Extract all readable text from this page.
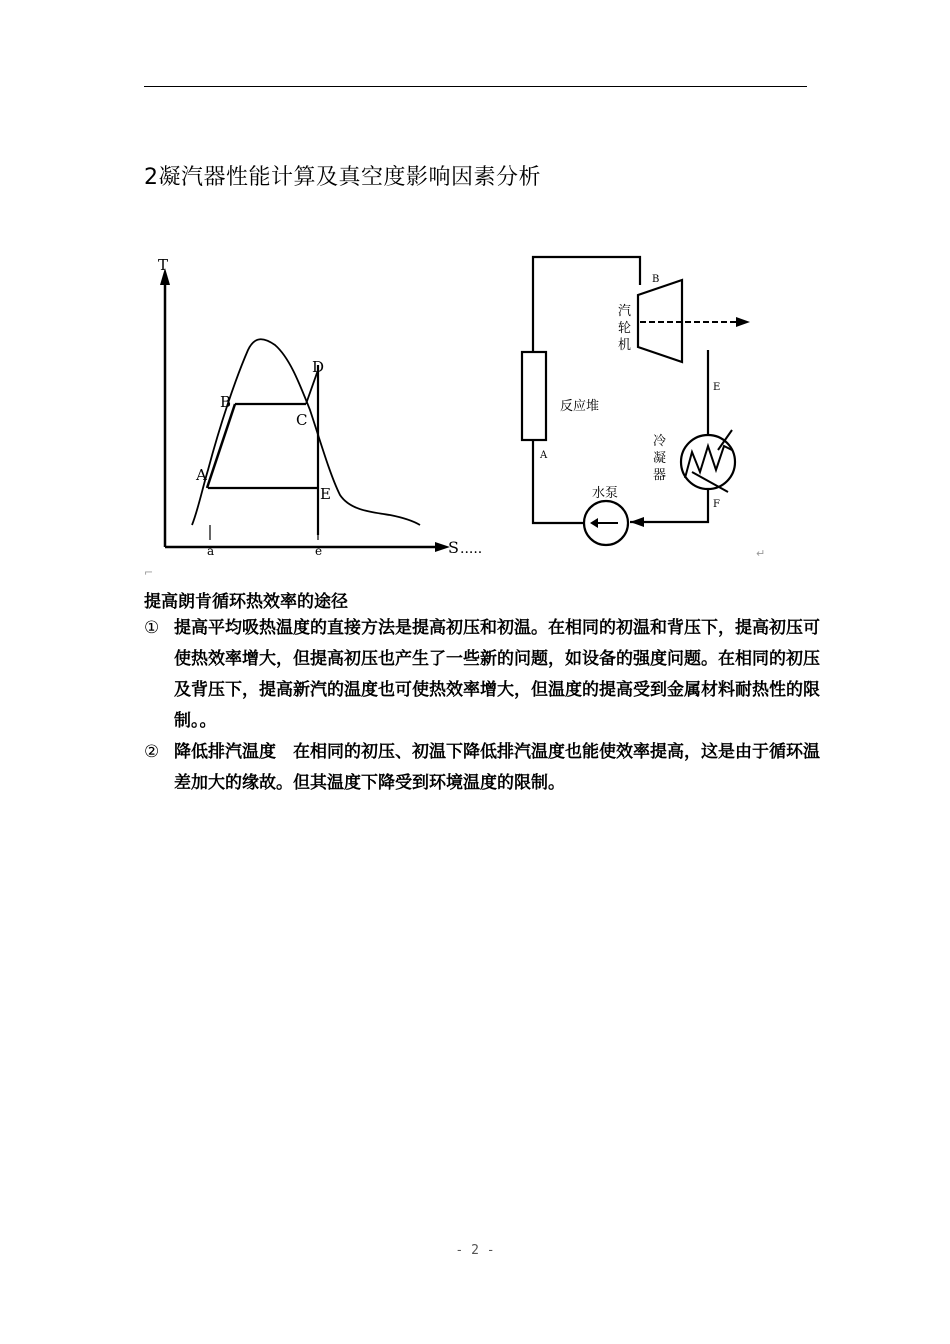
2凝汽器性能计算及真空度影响因素分析
T
S .....
A
B
C
D
E
a	e
B
E
A
F
汽
轮
机
反应堆
冷
凝
器
水泵
↵
⌐
提高朗肯循环热效率的途径
① 提高平均吸热温度的直接方法是提高初压和初温。在相同的初温和背压下，提高初压可使热效率增大，但提高初压也产生了一些新的问题，如设备的强度问题。在相同的初压及背压下，提高新汽的温度也可使热效率增大，但温度的提高受到金属材料耐热性的限制。。
② 降低排汽温度　在相同的初压、初温下降低排汽温度也能使效率提高，这是由于循环温差加大的缘故。但其温度下降受到环境温度的限制。
- 2 -
